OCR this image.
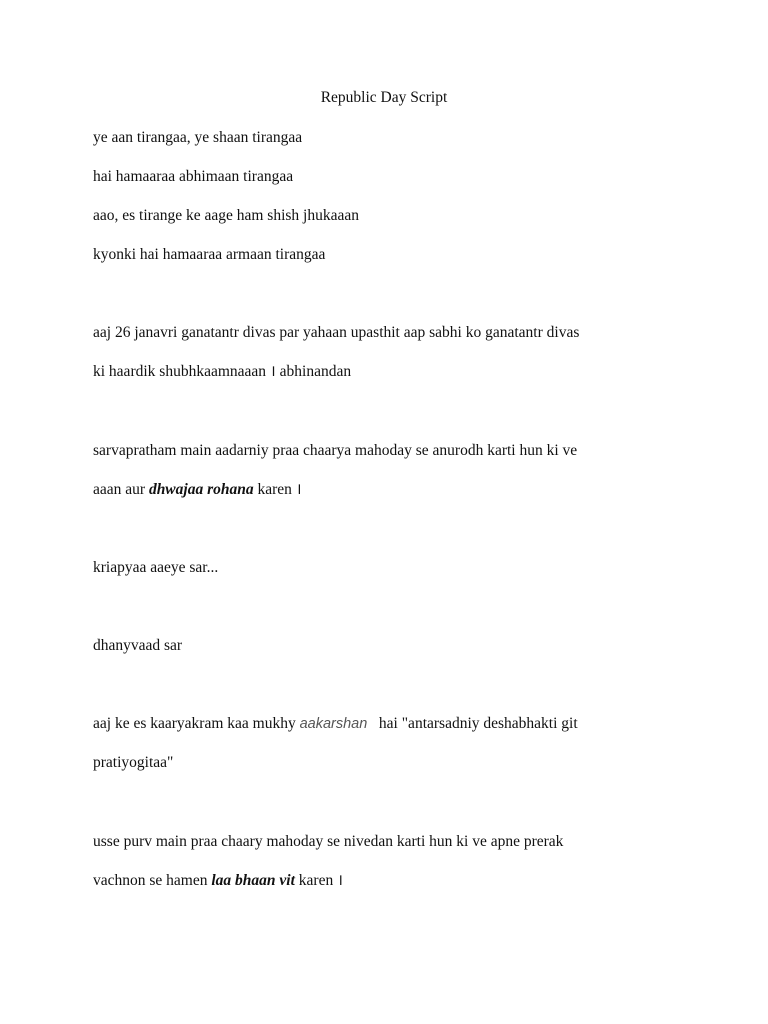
Republic Day Script
ye aan tirangaa, ye shaan tirangaa
hai hamaaraa abhimaan tirangaa
aao, es tirange ke aage ham shish jhukaaan
kyonki hai hamaaraa armaan tirangaa
aaj 26 janavri ganatantr divas par yahaan upasthit aap sabhi ko ganatantr divas
ki haardik shubhkaamnaaan । abhinandan
sarvapratham main aadarniy praa chaarya mahoday se anurodh karti hun ki ve
aaan aur dhwajaa rohana karen ।
kriapyaa aaeye sar...
dhanyvaad sar
aaj ke es kaaryakram kaa mukhy aakarshan   hai "antarsadniy deshabhakti git
pratiyogitaa"
usse purv main praa chaary mahoday se nivedan karti hun ki ve apne prerak
vachnon se hamen laa bhaan vit karen ।
